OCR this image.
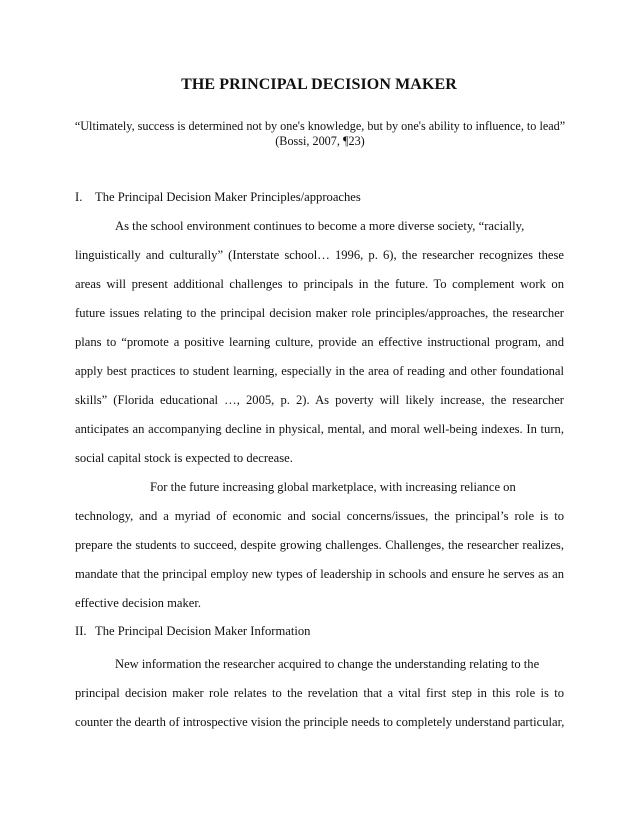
THE PRINCIPAL DECISION MAKER
“Ultimately, success is determined not by one's knowledge, but by one's ability to influence, to lead”
(Bossi, 2007, ¶23)
I. The Principal Decision Maker Principles/approaches
As the school environment continues to become a more diverse society, “racially,
linguistically and culturally” (Interstate school… 1996, p. 6), the researcher recognizes these
areas will present additional challenges to principals in the future. To complement work on
future issues relating to the principal decision maker role principles/approaches, the researcher
plans to “promote a positive learning culture, provide an effective instructional program, and
apply best practices to student learning, especially in the area of reading and other foundational
skills” (Florida educational …, 2005, p. 2). As poverty will likely increase, the researcher
anticipates an accompanying decline in physical, mental, and moral well-being indexes. In turn,
social capital stock is expected to decrease.
For the future increasing global marketplace, with increasing reliance on
technology, and a myriad of economic and social concerns/issues, the principal’s role is to
prepare the students to succeed, despite growing challenges. Challenges, the researcher realizes,
mandate that the principal employ new types of leadership in schools and ensure he serves as an
effective decision maker.
II. The Principal Decision Maker Information
New information the researcher acquired to change the understanding relating to the
principal decision maker role relates to the revelation that a vital first step in this role is to
counter the dearth of introspective vision the principle needs to completely understand particular,
